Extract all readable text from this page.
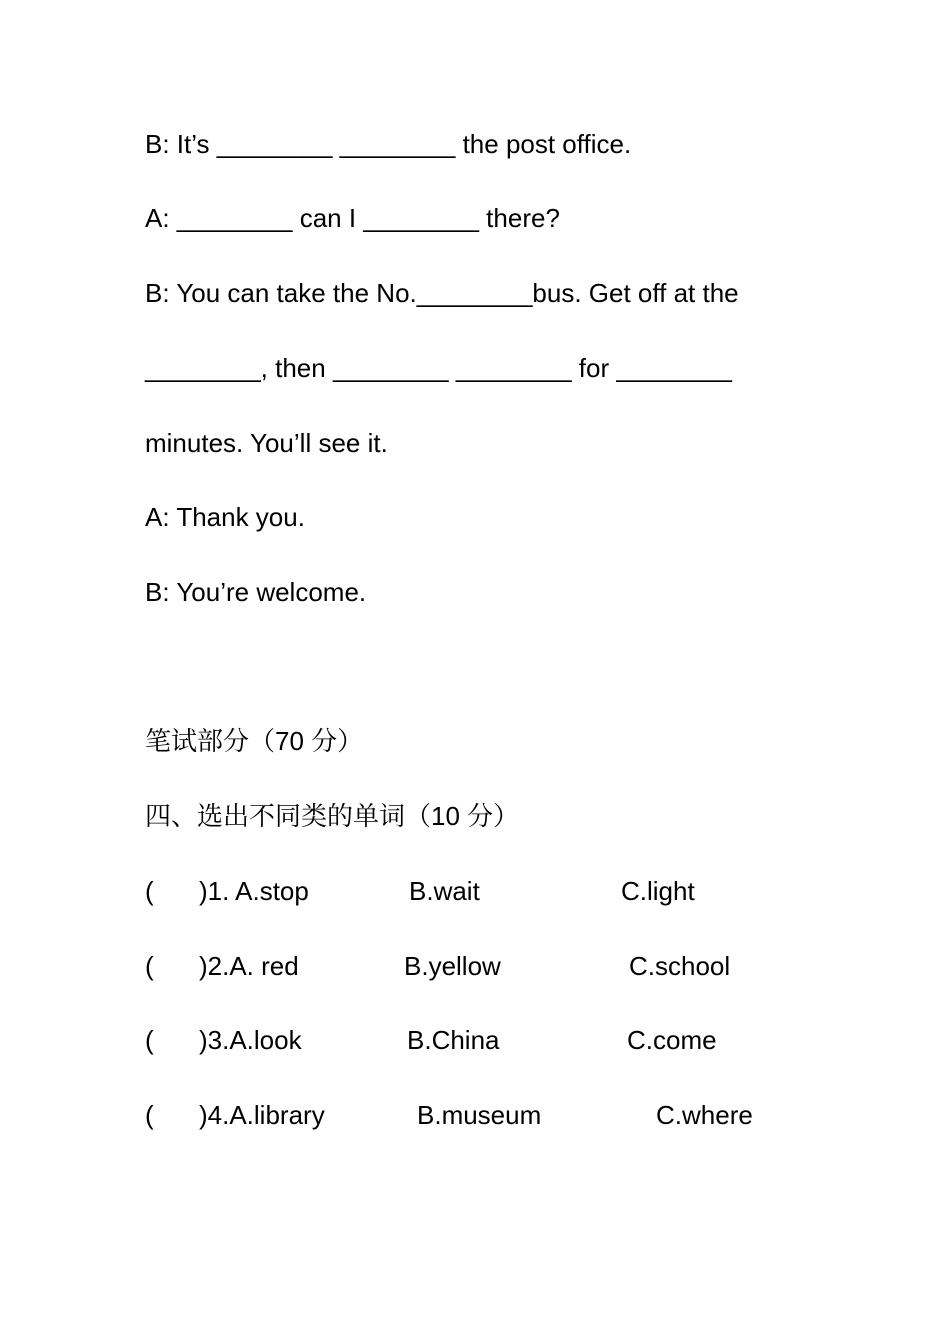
B: It’s ________ ________ the post office.
A: ________ can I ________ there?
B: You can take the No.________bus. Get off at the
________, then ________ ________ for ________
minutes. You’ll see it.
A: Thank you.
B: You’re welcome.
笔试部分（70 分）
四、选出不同类的单词（10 分）
( )1. A.stop	B.wait	C.light
( )2.A. red	B.yellow	C.school
( )3.A.look	B.China	C.come
( )4.A.library	B.museum	C.where
